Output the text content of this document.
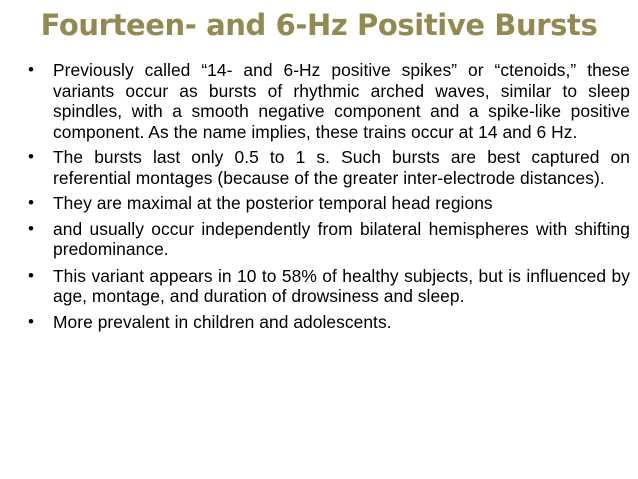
Fourteen- and 6-Hz Positive Bursts
•	Previously called “14- and 6-Hz positive spikes” or “ctenoids,” these variants occur as bursts of rhythmic arched waves, similar to sleep spindles, with a smooth negative component and a spike-like positive component. As the name implies, these trains occur at 14 and 6 Hz.
•	The bursts last only 0.5 to 1 s. Such bursts are best captured on referential montages (because of the greater inter-electrode distances).
•	They are maximal at the posterior temporal head regions
•	and usually occur independently from bilateral hemispheres with shifting predominance.
•	This variant appears in 10 to 58% of healthy subjects, but is influenced by age, montage, and duration of drowsiness and sleep.
•	More prevalent in children and adolescents.
